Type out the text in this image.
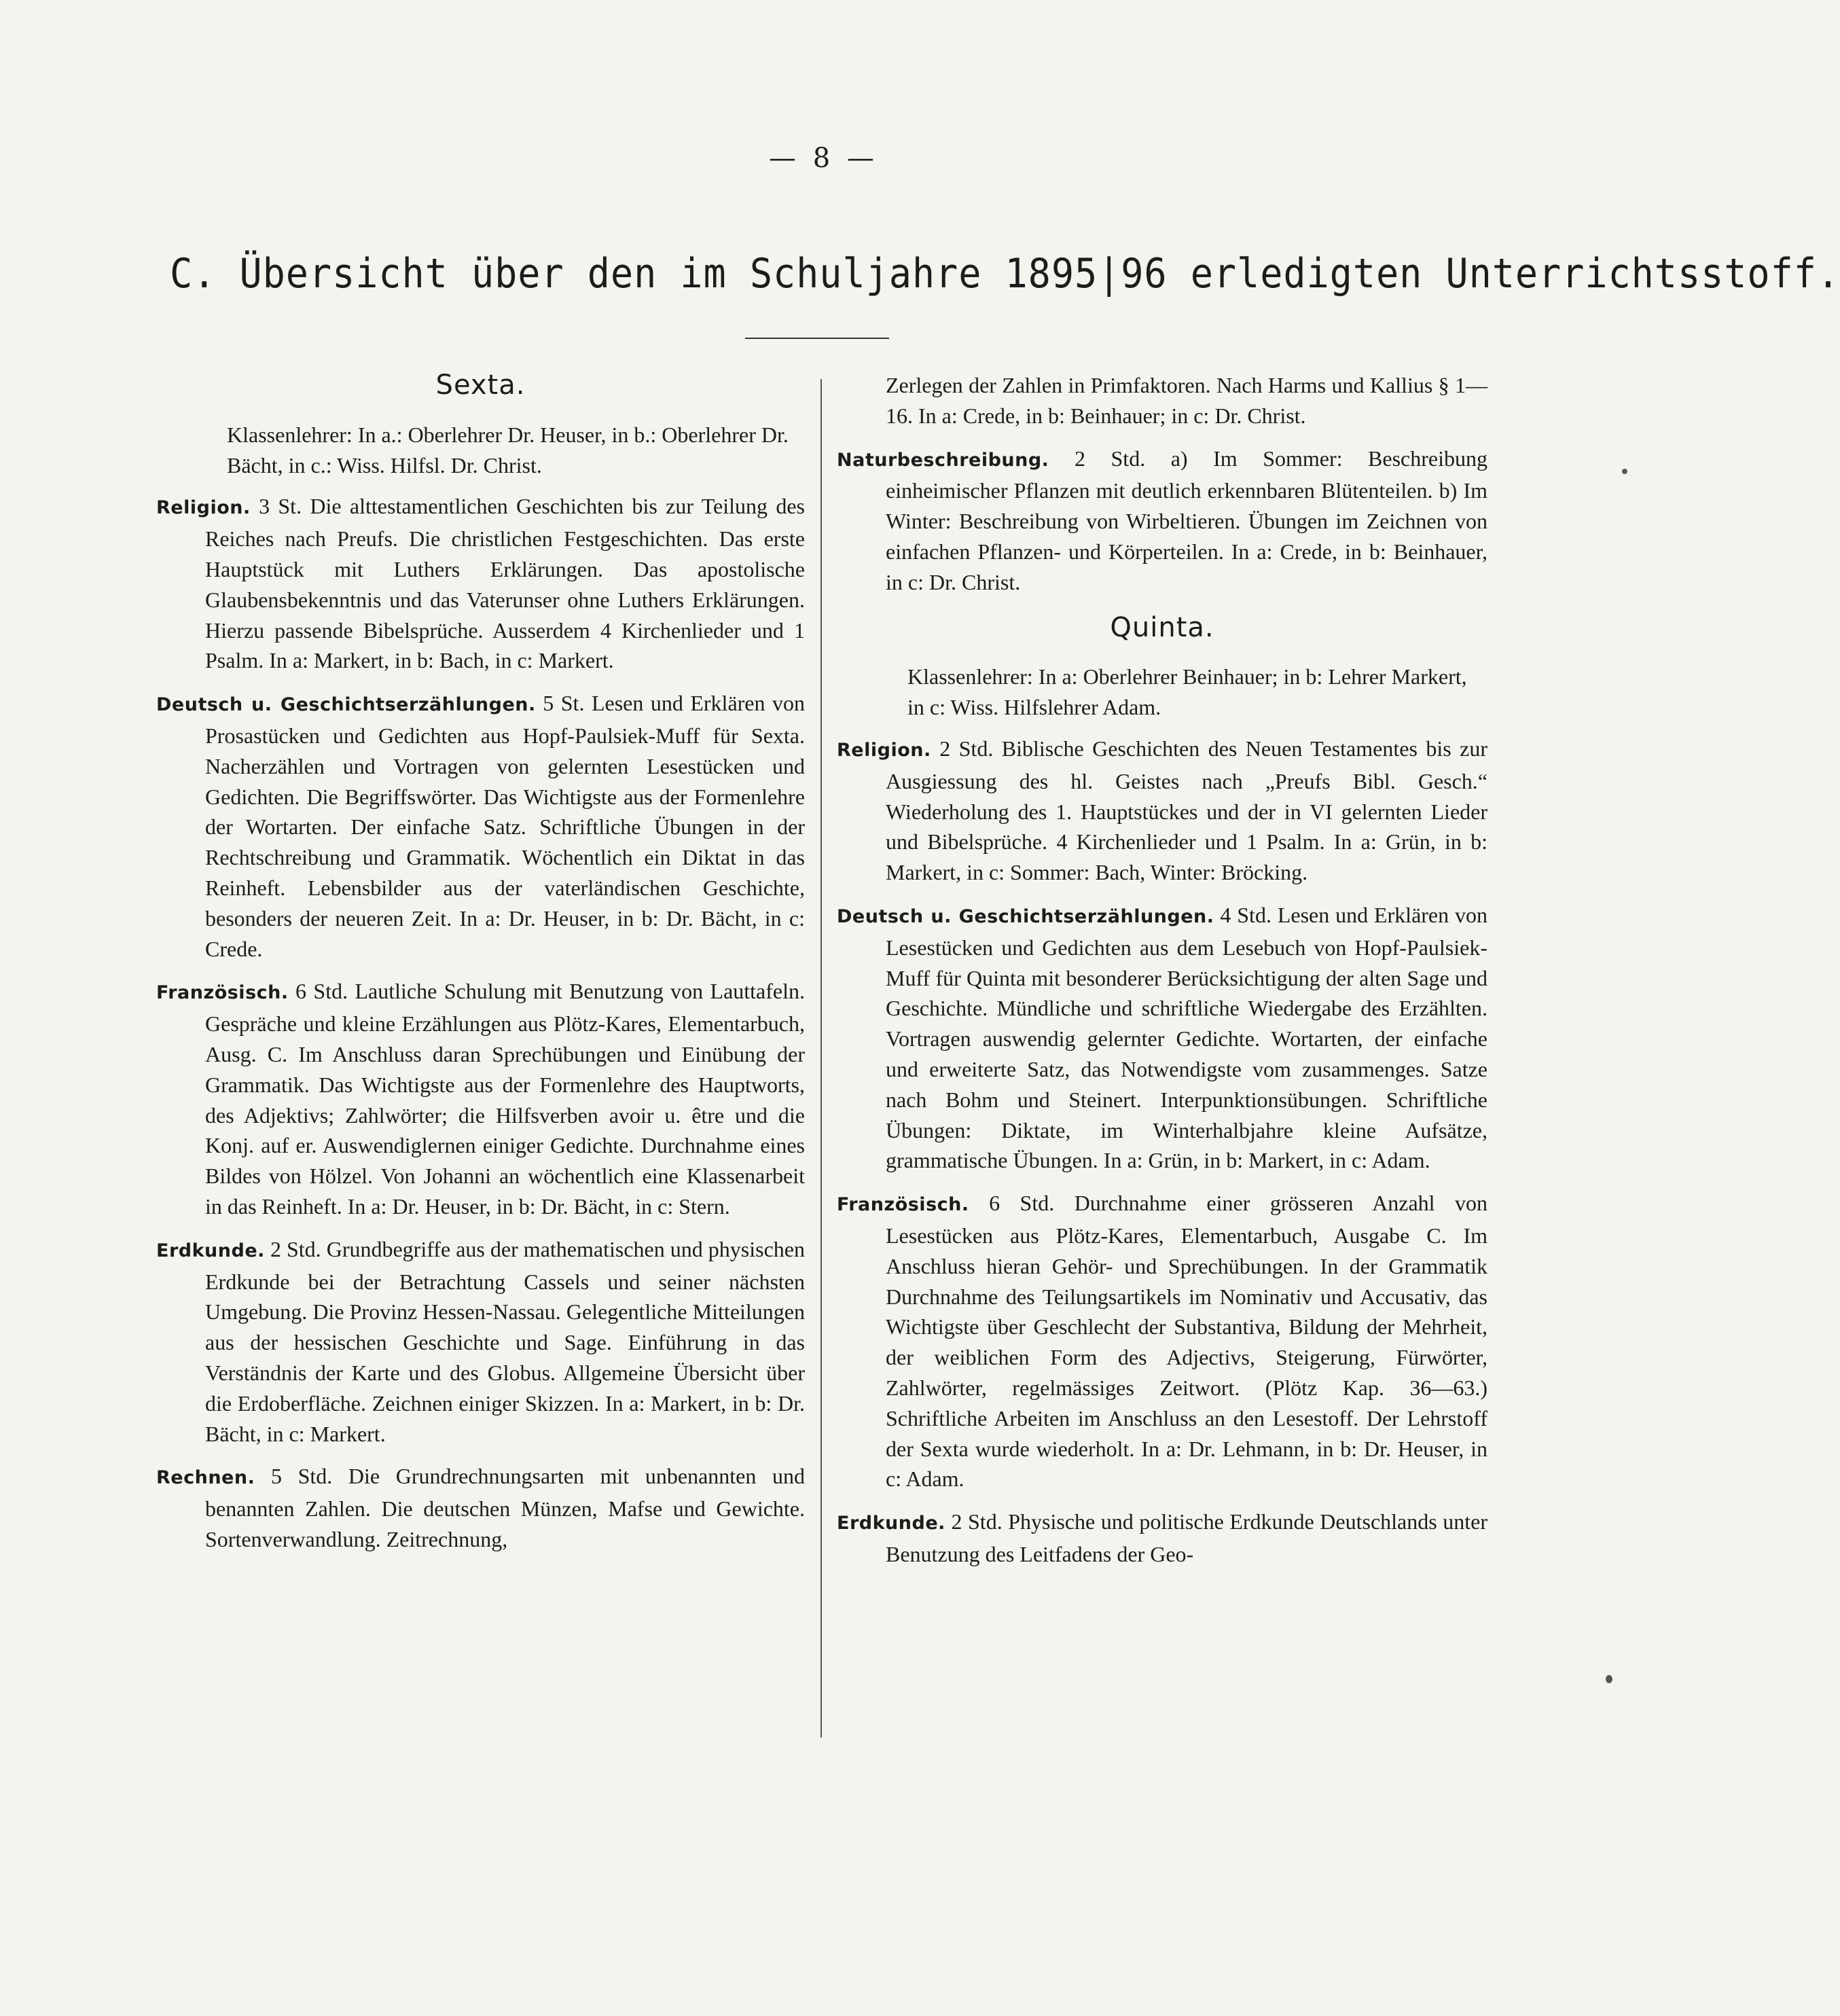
— 8 —
C. Übersicht über den im Schuljahre 1895|96 erledigten Unterrichtsstoff.
Sexta.

Klassenlehrer: In a.: Oberlehrer Dr. Heuser, in b.: Oberlehrer Dr. Bächt, in c.: Wiss. Hilfsl. Dr. Christ.

Religion. 3 St. Die alttestamentlichen Geschichten bis zur Teilung des Reiches nach Preufs. Die christlichen Festgeschichten. Das erste Hauptstück mit Luthers Erklärungen. Das apostolische Glaubensbekenntnis und das Vaterunser ohne Luthers Erklärungen. Hierzu passende Bibelsprüche. Ausserdem 4 Kirchenlieder und 1 Psalm. In a: Markert, in b: Bach, in c: Markert.

Deutsch u. Geschichtserzählungen. 5 St. Lesen und Erklären von Prosastücken und Gedichten aus Hopf-Paulsiek-Muff für Sexta. Nacherzählen und Vortragen von gelernten Lesestücken und Gedichten. Die Begriffswörter. Das Wichtigste aus der Formenlehre der Wortarten. Der einfache Satz. Schriftliche Übungen in der Rechtschreibung und Grammatik. Wöchentlich ein Diktat in das Reinheft. Lebensbilder aus der vaterländischen Geschichte, besonders der neueren Zeit. In a: Dr. Heuser, in b: Dr. Bächt, in c: Crede.

Französisch. 6 Std. Lautliche Schulung mit Benutzung von Lauttafeln. Gespräche und kleine Erzählungen aus Plötz-Kares, Elementarbuch, Ausg. C. Im Anschluss daran Sprechübungen und Einübung der Grammatik. Das Wichtigste aus der Formenlehre des Hauptworts, des Adjektivs; Zahlwörter; die Hilfsverben avoir u. être und die Konj. auf er. Auswendiglernen einiger Gedichte. Durchnahme eines Bildes von Hölzel. Von Johanni an wöchentlich eine Klassenarbeit in das Reinheft. In a: Dr. Heuser, in b: Dr. Bächt, in c: Stern.

Erdkunde. 2 Std. Grundbegriffe aus der mathematischen und physischen Erdkunde bei der Betrachtung Cassels und seiner nächsten Umgebung. Die Provinz Hessen-Nassau. Gelegentliche Mitteilungen aus der hessischen Geschichte und Sage. Einführung in das Verständnis der Karte und des Globus. Allgemeine Übersicht über die Erdoberfläche. Zeichnen einiger Skizzen. In a: Markert, in b: Dr. Bächt, in c: Markert.

Rechnen. 5 Std. Die Grundrechnungsarten mit unbenannten und benannten Zahlen. Die deutschen Münzen, Mafse und Gewichte. Sortenverwandlung. Zeitrechnung,

Zerlegen der Zahlen in Primfaktoren. Nach Harms und Kallius § 1—16. In a: Crede, in b: Beinhauer; in c: Dr. Christ.

Naturbeschreibung. 2 Std. a) Im Sommer: Beschreibung einheimischer Pflanzen mit deutlich erkennbaren Blütenteilen. b) Im Winter: Beschreibung von Wirbeltieren. Übungen im Zeichnen von einfachen Pflanzen- und Körperteilen. In a: Crede, in b: Beinhauer, in c: Dr. Christ.

Quinta.

Klassenlehrer: In a: Oberlehrer Beinhauer; in b: Lehrer Markert, in c: Wiss. Hilfslehrer Adam.

Religion. 2 Std. Biblische Geschichten des Neuen Testamentes bis zur Ausgiessung des hl. Geistes nach „Preufs Bibl. Gesch.“ Wiederholung des 1. Hauptstückes und der in VI gelernten Lieder und Bibelsprüche. 4 Kirchenlieder und 1 Psalm. In a: Grün, in b: Markert, in c: Sommer: Bach, Winter: Bröcking.

Deutsch u. Geschichtserzählungen. 4 Std. Lesen und Erklären von Lesestücken und Gedichten aus dem Lesebuch von Hopf-Paulsiek-Muff für Quinta mit besonderer Berücksichtigung der alten Sage und Geschichte. Mündliche und schriftliche Wiedergabe des Erzählten. Vortragen auswendig gelernter Gedichte. Wortarten, der einfache und erweiterte Satz, das Notwendigste vom zusammenges. Satze nach Bohm und Steinert. Interpunktionsübungen. Schriftliche Übungen: Diktate, im Winterhalbjahre kleine Aufsätze, grammatische Übungen. In a: Grün, in b: Markert, in c: Adam.

Französisch. 6 Std. Durchnahme einer grösseren Anzahl von Lesestücken aus Plötz-Kares, Elementarbuch, Ausgabe C. Im Anschluss hieran Gehör- und Sprechübungen. In der Grammatik Durchnahme des Teilungsartikels im Nominativ und Accusativ, das Wichtigste über Geschlecht der Substantiva, Bildung der Mehrheit, der weiblichen Form des Adjectivs, Steigerung, Fürwörter, Zahlwörter, regelmässiges Zeitwort. (Plötz Kap. 36—63.) Schriftliche Arbeiten im Anschluss an den Lesestoff. Der Lehrstoff der Sexta wurde wiederholt. In a: Dr. Lehmann, in b: Dr. Heuser, in c: Adam.

Erdkunde. 2 Std. Physische und politische Erdkunde Deutschlands unter Benutzung des Leitfadens der Geo-
